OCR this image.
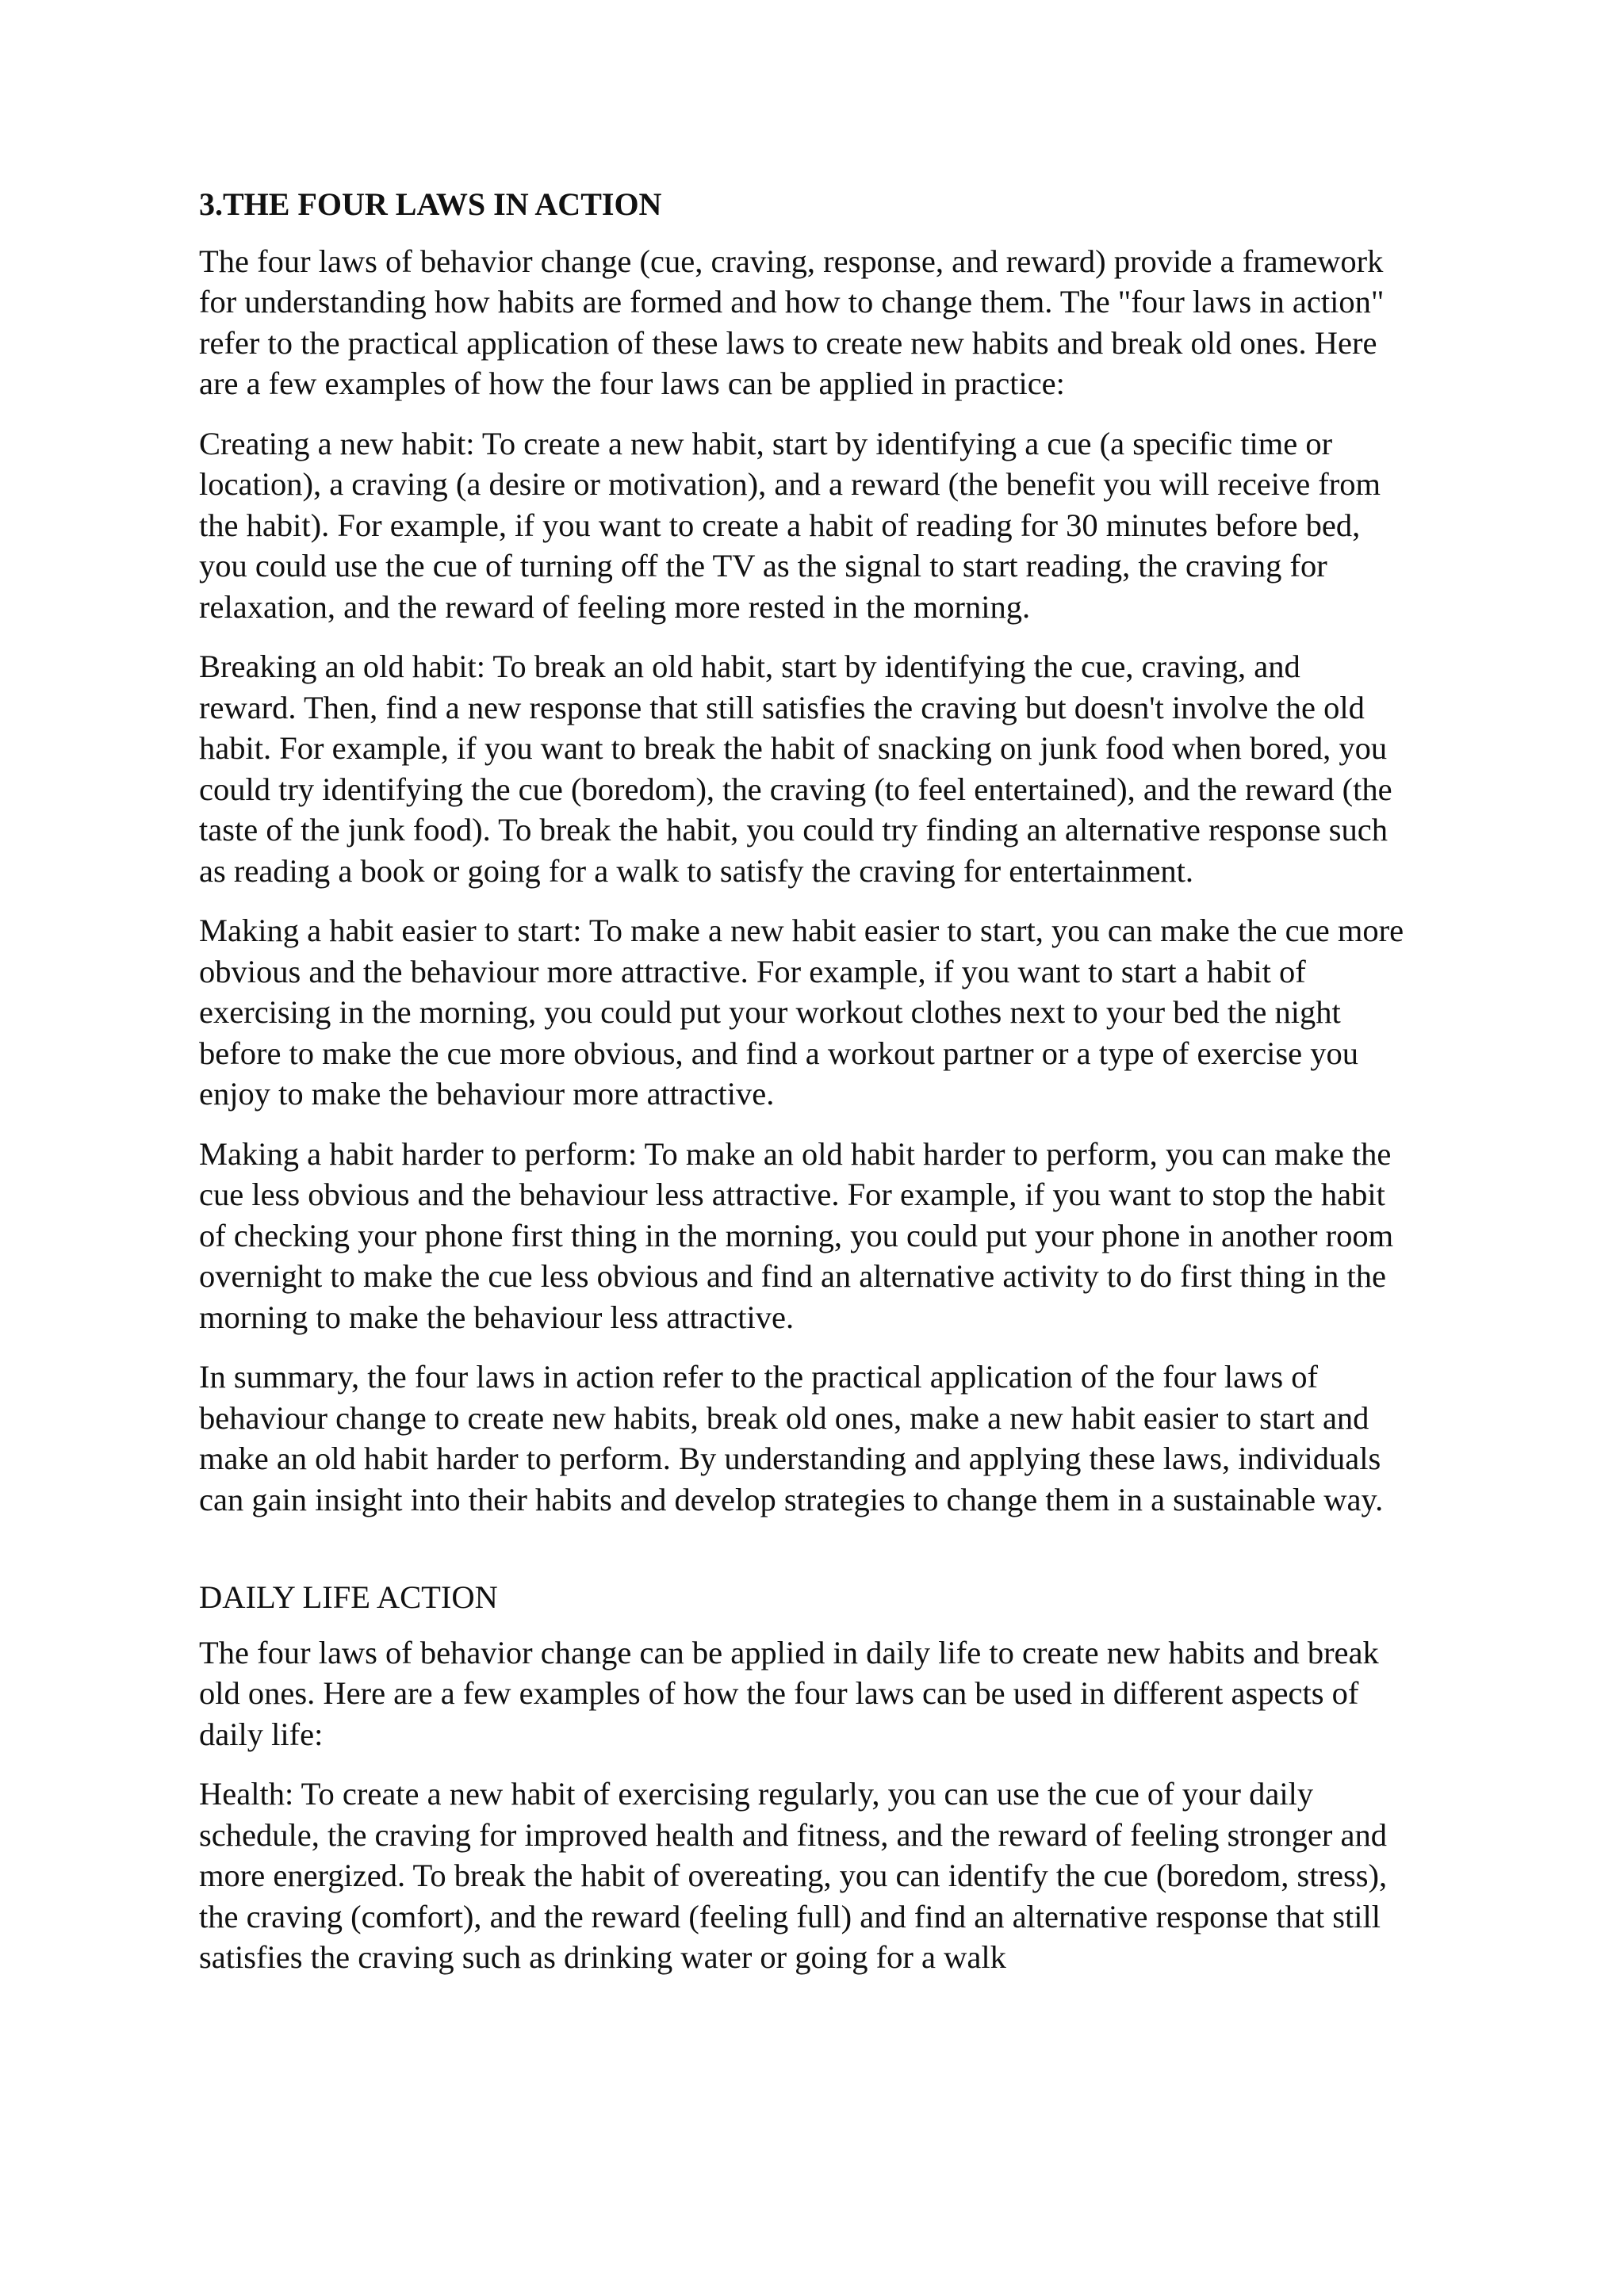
3.THE FOUR LAWS IN ACTION

The four laws of behavior change (cue, craving, response, and reward) provide a framework
for understanding how habits are formed and how to change them. The "four laws in action"
refer to the practical application of these laws to create new habits and break old ones. Here
are a few examples of how the four laws can be applied in practice:

Creating a new habit: To create a new habit, start by identifying a cue (a specific time or
location), a craving (a desire or motivation), and a reward (the benefit you will receive from
the habit). For example, if you want to create a habit of reading for 30 minutes before bed,
you could use the cue of turning off the TV as the signal to start reading, the craving for
relaxation, and the reward of feeling more rested in the morning.

Breaking an old habit: To break an old habit, start by identifying the cue, craving, and
reward. Then, find a new response that still satisfies the craving but doesn't involve the old
habit. For example, if you want to break the habit of snacking on junk food when bored, you
could try identifying the cue (boredom), the craving (to feel entertained), and the reward (the
taste of the junk food). To break the habit, you could try finding an alternative response such
as reading a book or going for a walk to satisfy the craving for entertainment.

Making a habit easier to start: To make a new habit easier to start, you can make the cue more
obvious and the behaviour more attractive. For example, if you want to start a habit of
exercising in the morning, you could put your workout clothes next to your bed the night
before to make the cue more obvious, and find a workout partner or a type of exercise you
enjoy to make the behaviour more attractive.

Making a habit harder to perform: To make an old habit harder to perform, you can make the
cue less obvious and the behaviour less attractive. For example, if you want to stop the habit
of checking your phone first thing in the morning, you could put your phone in another room
overnight to make the cue less obvious and find an alternative activity to do first thing in the
morning to make the behaviour less attractive.

In summary, the four laws in action refer to the practical application of the four laws of
behaviour change to create new habits, break old ones, make a new habit easier to start and
make an old habit harder to perform. By understanding and applying these laws, individuals
can gain insight into their habits and develop strategies to change them in a sustainable way.

DAILY LIFE ACTION

The four laws of behavior change can be applied in daily life to create new habits and break
old ones. Here are a few examples of how the four laws can be used in different aspects of
daily life:

Health: To create a new habit of exercising regularly, you can use the cue of your daily
schedule, the craving for improved health and fitness, and the reward of feeling stronger and
more energized. To break the habit of overeating, you can identify the cue (boredom, stress),
the craving (comfort), and the reward (feeling full) and find an alternative response that still
satisfies the craving such as drinking water or going for a walk
